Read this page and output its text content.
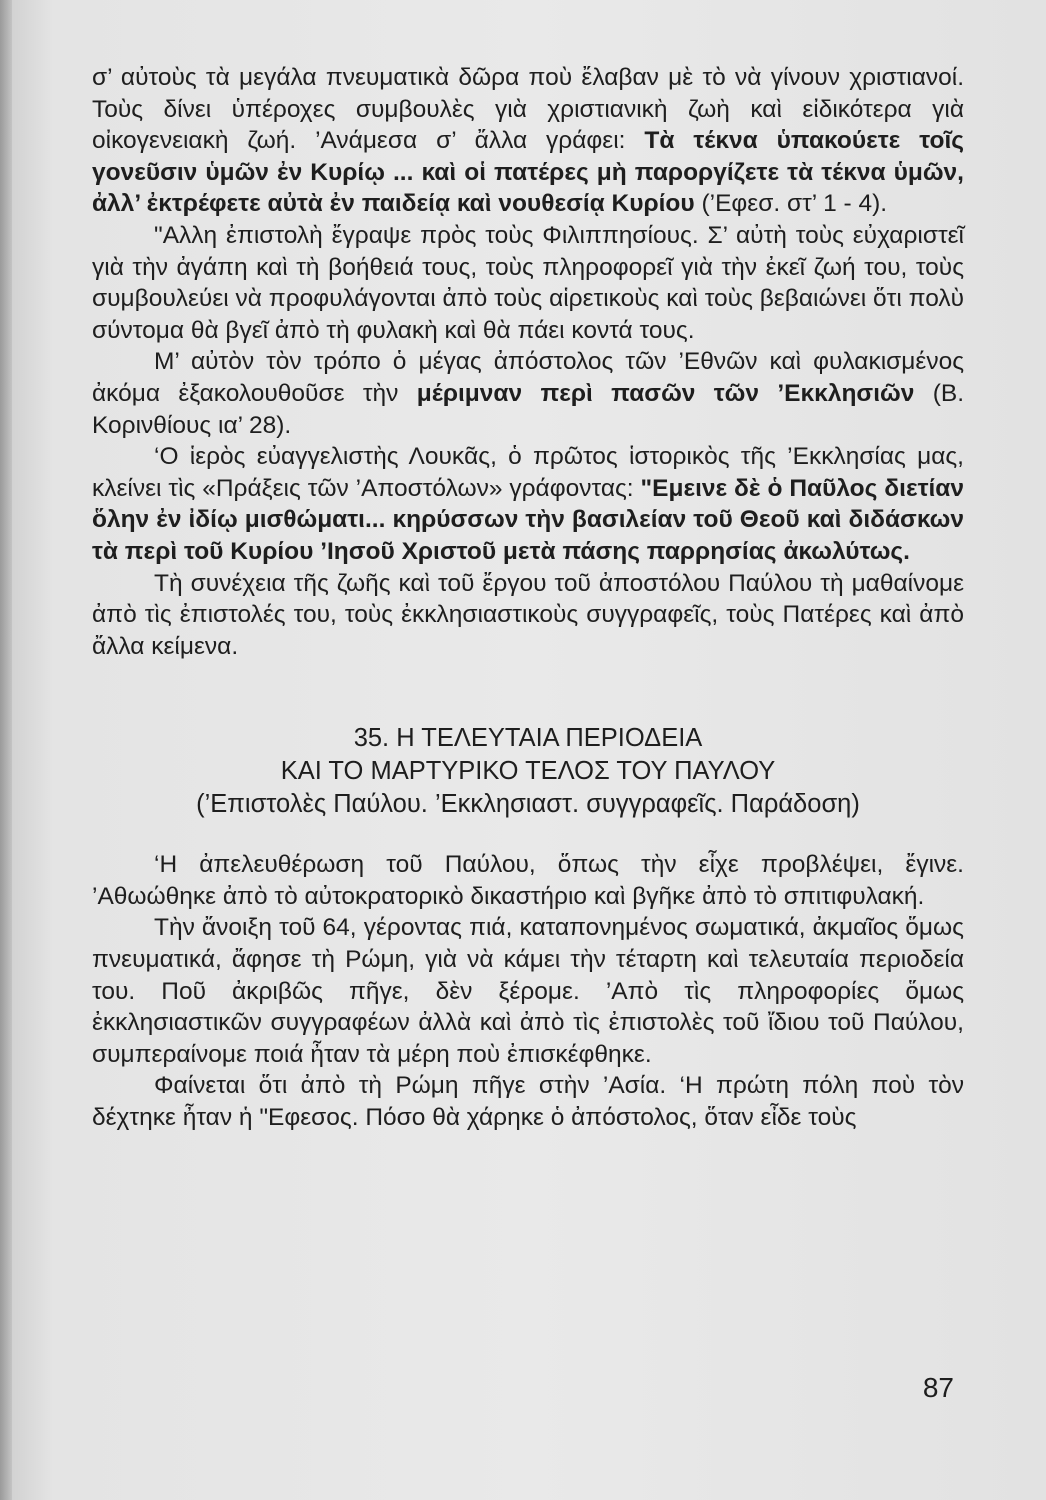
σ’ αὐτοὺς τὰ μεγάλα πνευματικὰ δῶρα ποὺ ἔλαβαν μὲ τὸ νὰ γίνουν χριστιανοί. Τοὺς δίνει ὑπέροχες συμβουλὲς γιὰ χριστιανικὴ ζωὴ καὶ εἰδικότερα γιὰ οἰκογενειακὴ ζωή. ’Ανάμεσα σ’ ἄλλα γράφει: Τὰ τέκνα ὑπακούετε τοῖς γονεῦσιν ὑμῶν ἐν Κυρίῳ ... καὶ οἱ πατέρες μὴ παροργίζετε τὰ τέκνα ὑμῶν, ἀλλ’ ἐκτρέφετε αὐτὰ ἐν παιδείᾳ καὶ νουθεσίᾳ Κυρίου (’Εφεσ. στ’ 1 - 4).

"Αλλη ἐπιστολὴ ἔγραψε πρὸς τοὺς Φιλιππησίους. Σ’ αὐτὴ τοὺς εὐχαριστεῖ γιὰ τὴν ἀγάπη καὶ τὴ βοήθειά τους, τοὺς πληροφορεῖ γιὰ τὴν ἐκεῖ ζωή του, τοὺς συμβουλεύει νὰ προφυλάγονται ἀπὸ τοὺς αἱρετικοὺς καὶ τοὺς βεβαιώνει ὅτι πολὺ σύντομα θὰ βγεῖ ἀπὸ τὴ φυλακὴ καὶ θὰ πάει κοντά τους.

Μ’ αὐτὸν τὸν τρόπο ὁ μέγας ἀπόστολος τῶν ’Εθνῶν καὶ φυλακισμένος ἀκόμα ἐξακολουθοῦσε τὴν μέριμναν περὶ πασῶν τῶν ’Εκκλησιῶν (Β. Κορινθίους ια’ 28).

‘Ο ἱερὸς εὐαγγελιστὴς Λουκᾶς, ὁ πρῶτος ἱστορικὸς τῆς ’Εκκλησίας μας, κλείνει τὶς «Πράξεις τῶν ’Αποστόλων» γράφοντας: "Εμεινε δὲ ὁ Παῦλος διετίαν ὅλην ἐν ἰδίῳ μισθώματι... κηρύσσων τὴν βασιλείαν τοῦ Θεοῦ καὶ διδάσκων τὰ περὶ τοῦ Κυρίου ’Ιησοῦ Χριστοῦ μετὰ πάσης παρρησίας ἀκωλύτως.

Τὴ συνέχεια τῆς ζωῆς καὶ τοῦ ἔργου τοῦ ἀποστόλου Παύλου τὴ μαθαίνομε ἀπὸ τὶς ἐπιστολές του, τοὺς ἐκκλησιαστικοὺς συγγραφεῖς, τοὺς Πατέρες καὶ ἀπὸ ἄλλα κείμενα.

35. Η ΤΕΛΕΥΤΑΙΑ ΠΕΡΙΟΔΕΙΑ
ΚΑΙ ΤΟ ΜΑΡΤΥΡΙΚΟ ΤΕΛΟΣ ΤΟΥ ΠΑΥΛΟΥ
(’Επιστολὲς Παύλου. ’Εκκλησιαστ. συγγραφεῖς. Παράδοση)

‘Η ἀπελευθέρωση τοῦ Παύλου, ὅπως τὴν εἶχε προβλέψει, ἔγινε. ’Αθωώθηκε ἀπὸ τὸ αὐτοκρατορικὸ δικαστήριο καὶ βγῆκε ἀπὸ τὸ σπιτιφυλακή.

Τὴν ἄνοιξη τοῦ 64, γέροντας πιά, καταπονημένος σωματικά, ἀκμαῖος ὅμως πνευματικά, ἄφησε τὴ Ρώμη, γιὰ νὰ κάμει τὴν τέταρτη καὶ τελευταία περιοδεία του. Ποῦ ἀκριβῶς πῆγε, δὲν ξέρομε. ’Απὸ τὶς πληροφορίες ὅμως ἐκκλησιαστικῶν συγγραφέων ἀλλὰ καὶ ἀπὸ τὶς ἐπιστολὲς τοῦ ἴδιου τοῦ Παύλου, συμπεραίνομε ποιά ἦταν τὰ μέρη ποὺ ἐπισκέφθηκε.

Φαίνεται ὅτι ἀπὸ τὴ Ρώμη πῆγε στὴν ’Ασία. ‘Η πρώτη πόλη ποὺ τὸν δέχτηκε ἦταν ἡ "Εφεσος. Πόσο θὰ χάρηκε ὁ ἀπόστολος, ὅταν εἶδε τοὺς

87
